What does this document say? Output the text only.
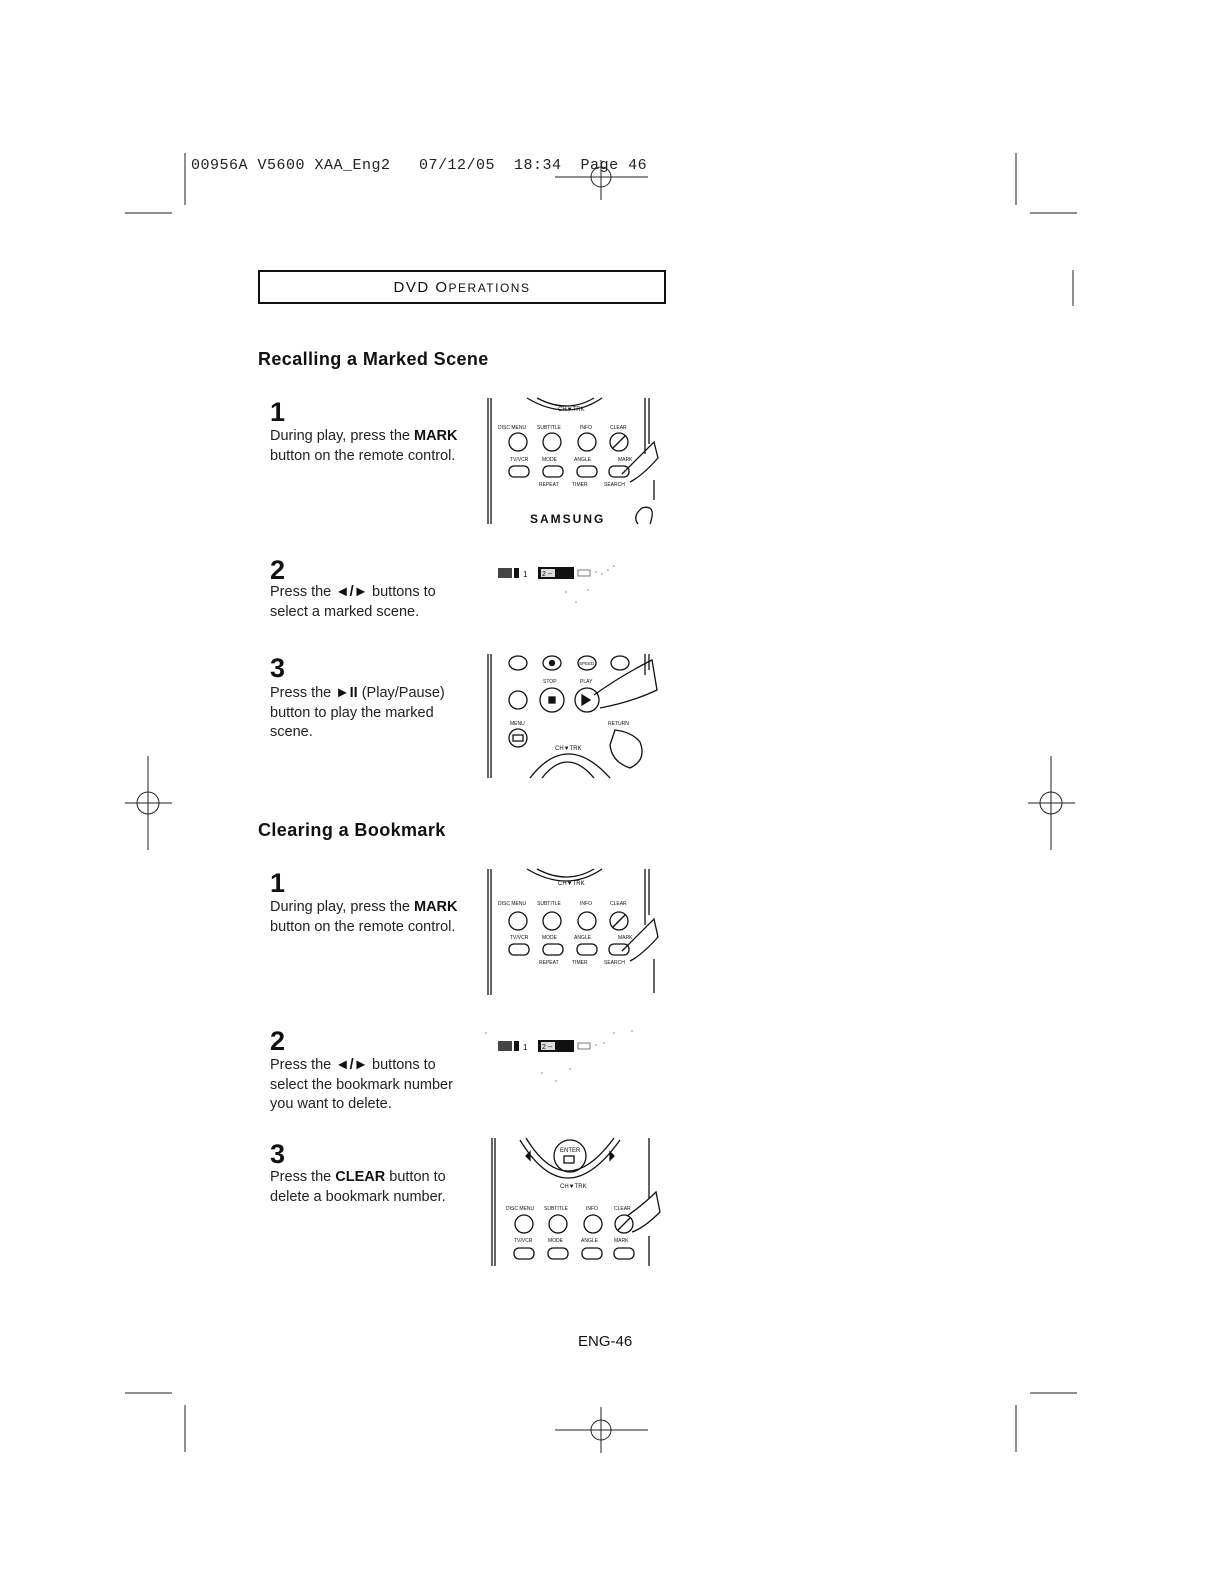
00956A V5600 XAA_Eng2   07/12/05  18:34  Page 46
DVD OPERATIONS
Recalling a Marked Scene
1
During play, press the MARK button on the remote control.
2
Press the ◄/► buttons to select a marked scene.
3
Press the ►II (Play/Pause) button to play the marked scene.
Clearing a Bookmark
1
During play, press the MARK button on the remote control.
2
Press the ◄/► buttons to select the bookmark number you want to delete.
3
Press the CLEAR button to delete a bookmark number.
CH▼TRK
DISC MENU SUBTITLE	INFO	CLEAR
TV/VCR	MODE	ANGLE	MARK
REPEAT	TIMER	SEARCH
SAMSUNG
1 2 --
SPEED
STOP	PLAY
MENU	RETURN
CH▼TRK
CH▼TRK
DISC MENU SUBTITLE	INFO	CLEAR
TV/VCR	MODE	ANGLE	MARK
REPEAT	TIMER	SEARCH
1 2 --
ENTER
CH▼TRK
DISC MENU SUBTITLE	INFO	CLEAR
TV/VCR	MODE	ANGLE	MARK
ENG-46
